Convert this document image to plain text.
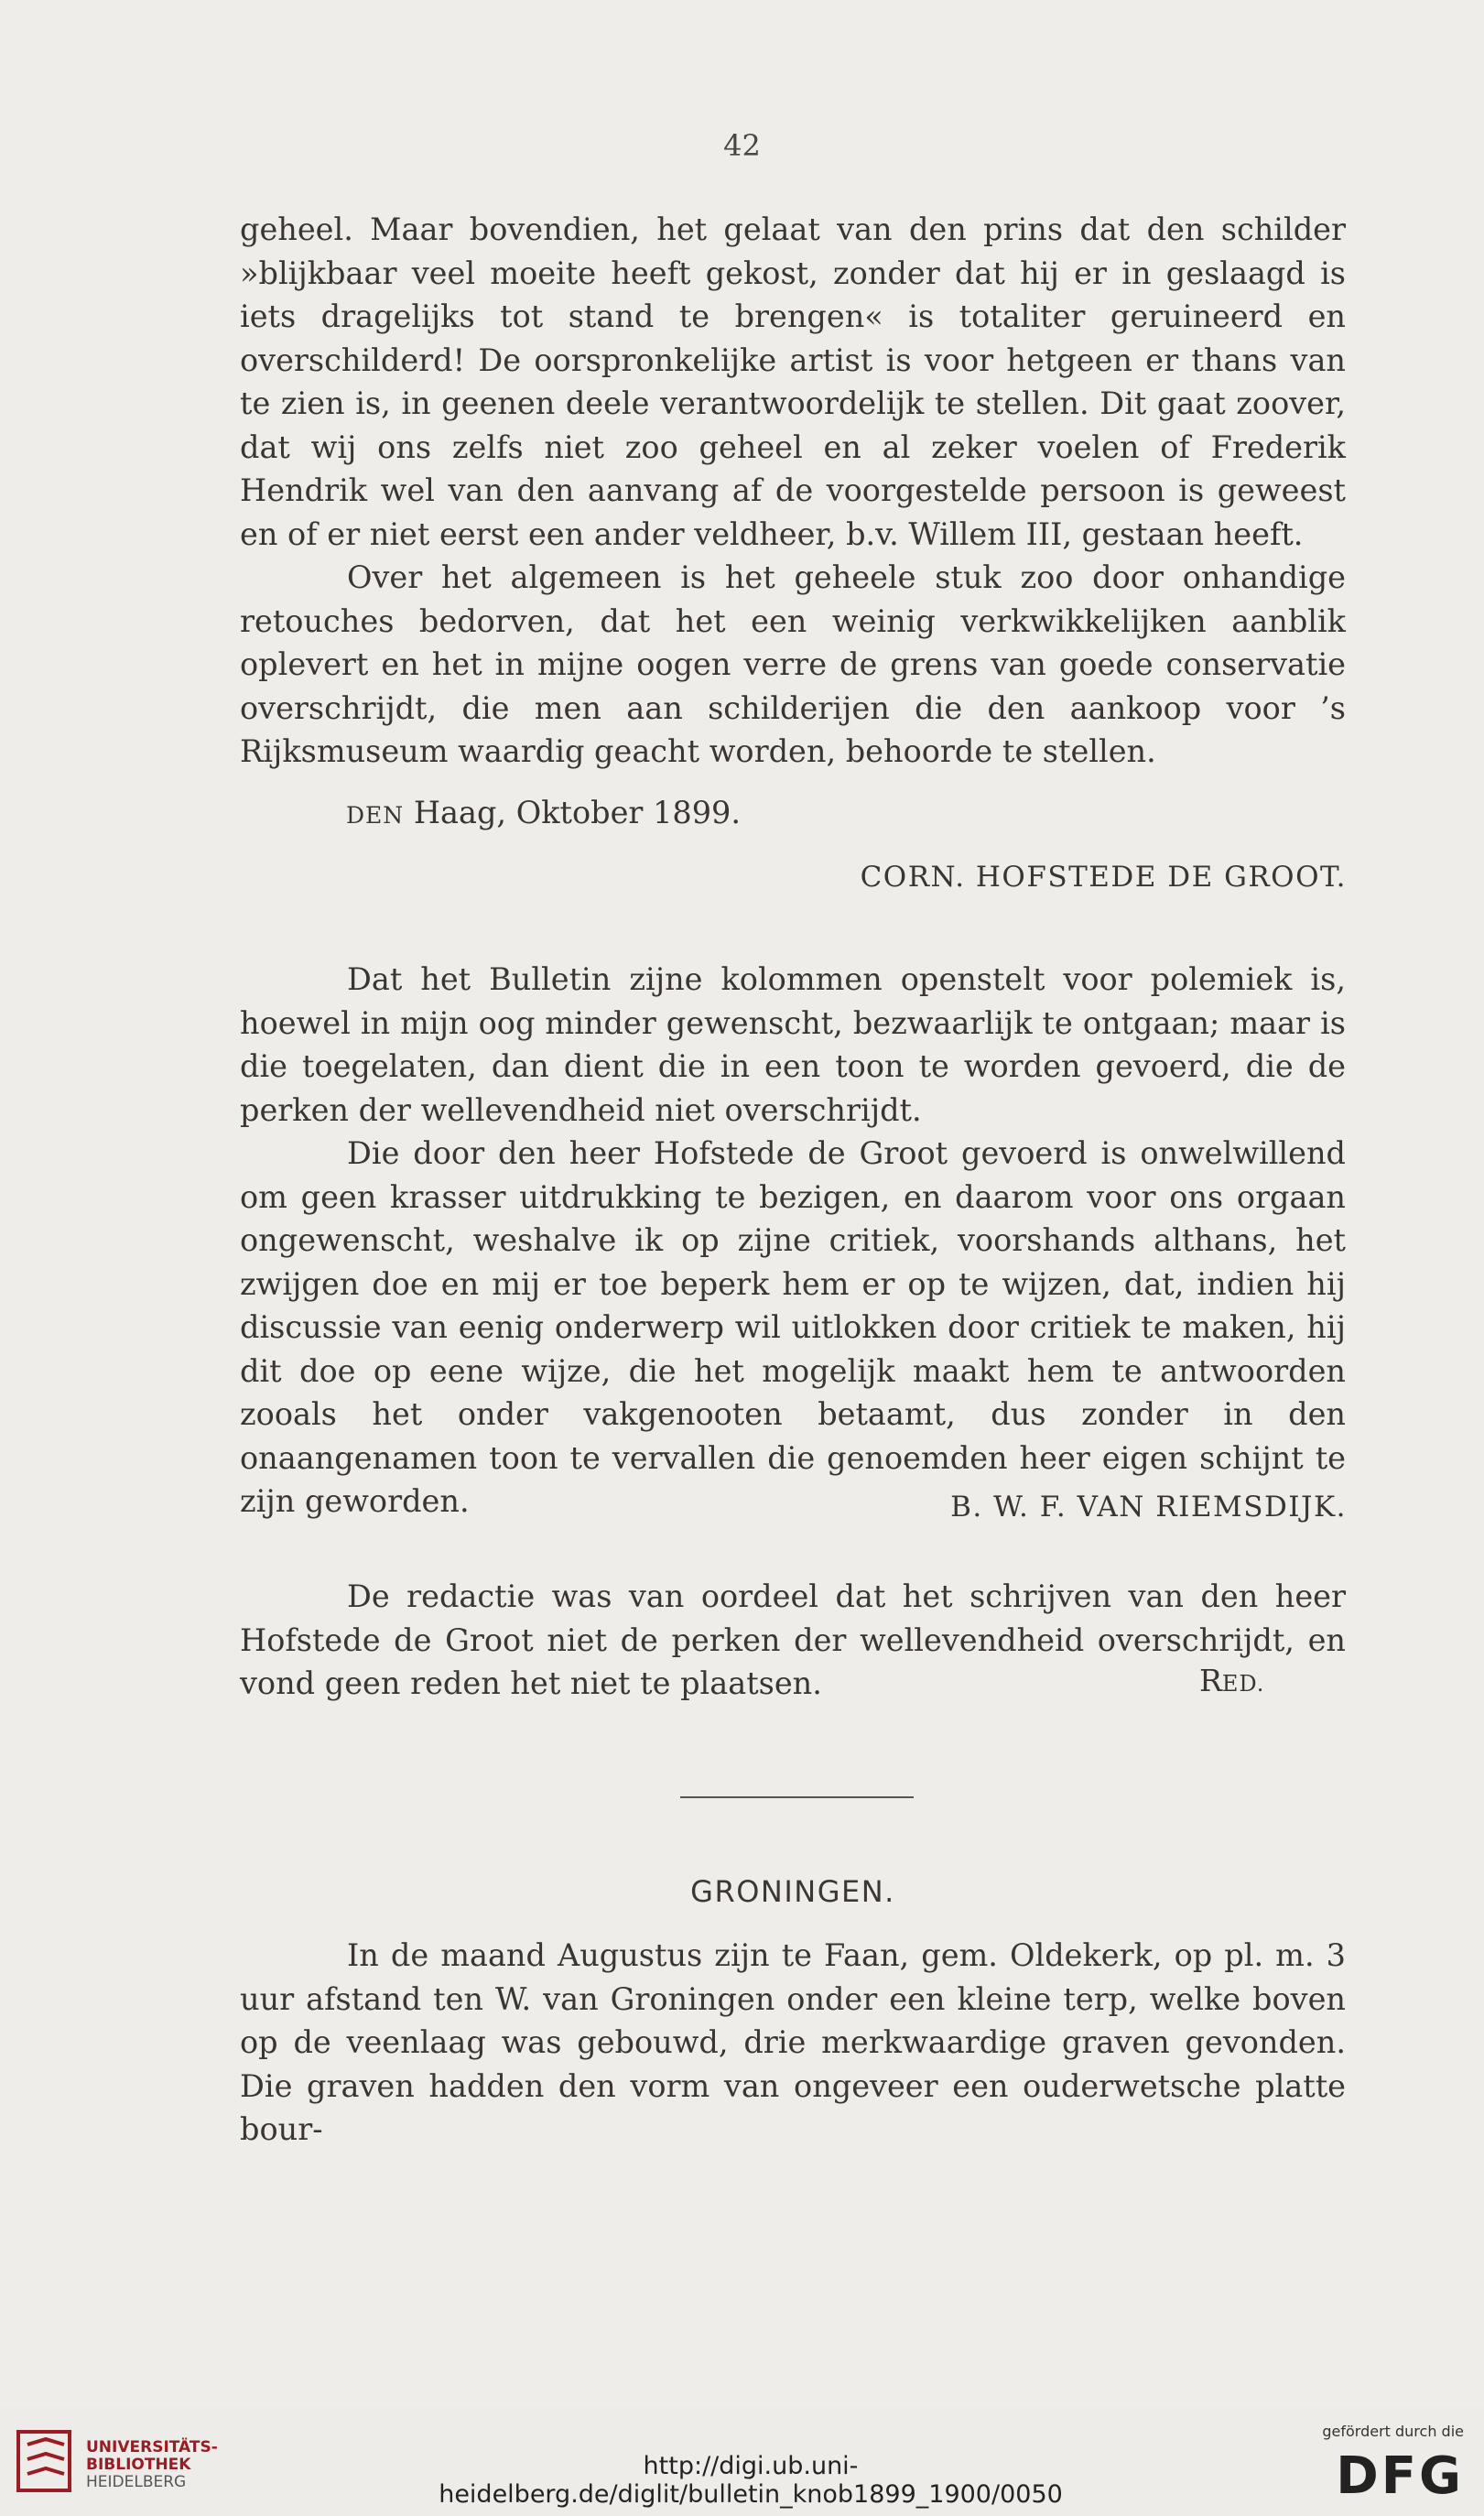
42

geheel. Maar bovendien, het gelaat van den prins dat den schilder »blijkbaar veel moeite heeft gekost, zonder dat hij er in geslaagd is iets dragelijks tot stand te brengen« is totaliter geruineerd en overschilderd! De oorspronkelijke artist is voor hetgeen er thans van te zien is, in geenen deele verantwoordelijk te stellen. Dit gaat zoover, dat wij ons zelfs niet zoo geheel en al zeker voelen of Frederik Hendrik wel van den aanvang af de voorgestelde persoon is geweest en of er niet eerst een ander veldheer, b.v. Willem III, gestaan heeft.

Over het algemeen is het geheele stuk zoo door onhandige retouches bedorven, dat het een weinig verkwikkelijken aanblik oplevert en het in mijne oogen verre de grens van goede conservatie overschrijdt, die men aan schilderijen die den aankoop voor ’s Rijksmuseum waardig geacht worden, behoorde te stellen.

DEN Haag, Oktober 1899.
CORN. HOFSTEDE DE GROOT.

Dat het Bulletin zijne kolommen openstelt voor polemiek is, hoewel in mijn oog minder gewenscht, bezwaarlijk te ontgaan; maar is die toegelaten, dan dient die in een toon te worden gevoerd, die de perken der wellevendheid niet overschrijdt.

Die door den heer Hofstede de Groot gevoerd is onwelwillend om geen krasser uitdrukking te bezigen, en daarom voor ons orgaan ongewenscht, weshalve ik op zijne critiek, voorshands althans, het zwijgen doe en mij er toe beperk hem er op te wijzen, dat, indien hij discussie van eenig onderwerp wil uitlokken door critiek te maken, hij dit doe op eene wijze, die het mogelijk maakt hem te antwoorden zooals het onder vakgenooten betaamt, dus zonder in den onaangenamen toon te vervallen die genoemden heer eigen schijnt te zijn geworden.	B. W. F. VAN RIEMSDIJK.

De redactie was van oordeel dat het schrijven van den heer Hofstede de Groot niet de perken der wellevendheid overschrijdt, en vond geen reden het niet te plaatsen.	RED.
GRONINGEN.

In de maand Augustus zijn te Faan, gem. Oldekerk, op pl. m. 3 uur afstand ten W. van Groningen onder een kleine terp, welke boven op de veenlaag was gebouwd, drie merkwaardige graven gevonden. Die graven hadden den vorm van ongeveer een ouderwetsche platte bour-

UNIVERSITÄTS-
BIBLIOTHEK
HEIDELBERG
http://digi.ub.uni-heidelberg.de/diglit/bulletin_knob1899_1900/0050
gefördert durch die
DFG
